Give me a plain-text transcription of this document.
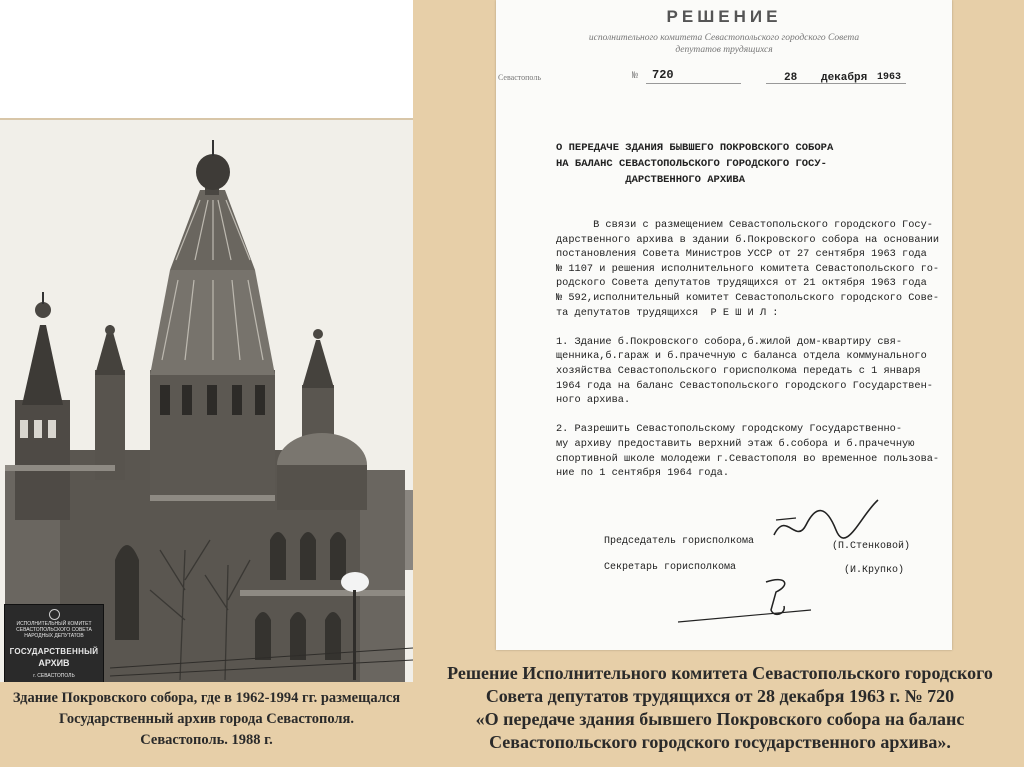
ИСПОЛНИТЕЛЬНЫЙ КОМИТЕТ СЕВАСТОПОЛЬСКОГО СОВЕТА НАРОДНЫХ ДЕПУТАТОВ
ГОСУДАРСТВЕННЫЙ
АРХИВ
г. СЕВАСТОПОЛЬ
Здание Покровского собора, где в 1962-1994 гг. размещался
Государственный архив города Севастополя.
Севастополь. 1988 г.
РЕШЕНИЕ
исполнительного комитета Севастопольского городского Совета
депутатов трудящихся
Севастополь	№ 720	28 декабря 1963
О ПЕРЕДАЧЕ ЗДАНИЯ БЫВШЕГО ПОКРОВСКОГО СОБОРА
НА БАЛАНС СЕВАСТОПОЛЬСКОГО ГОРОДСКОГО ГОСУ-
ДАРСТВЕННОГО АРХИВА
В связи с размещением Севастопольского городского Госу-
дарственного архива в здании б.Покровского собора на основании
постановления Совета Министров УССР от 27 сентября 1963 года
№ 1107 и решения исполнительного комитета Севастопольского го-
родского Совета депутатов трудящихся от 21 октября 1963 года
№ 592,исполнительный комитет Севастопольского городского Сове-
та депутатов трудящихся  Р Е Ш И Л :

1. Здание б.Покровского собора,б.жилой дом-квартиру свя-
щенника,б.гараж и б.прачечную с баланса отдела коммунального
хозяйства Севастопольского горисполкома передать с 1 января
1964 года на баланс Севастопольского городского Государствен-
ного архива.

2. Разрешить Севастопольскому городскому Государственно-
му архиву предоставить верхний этаж б.собора и б.прачечную
спортивной школе молодежи г.Севастополя во временное пользова-
ние по 1 сентября 1964 года.
Председатель горисполкома	(П.Стенковой)
Секретарь горисполкома	(И.Крупко)
Решение Исполнительного комитета Севастопольского городского
Совета депутатов трудящихся от 28 декабря 1963 г. № 720
«О передаче здания бывшего Покровского собора на баланс
Севастопольского городского государственного архива».
